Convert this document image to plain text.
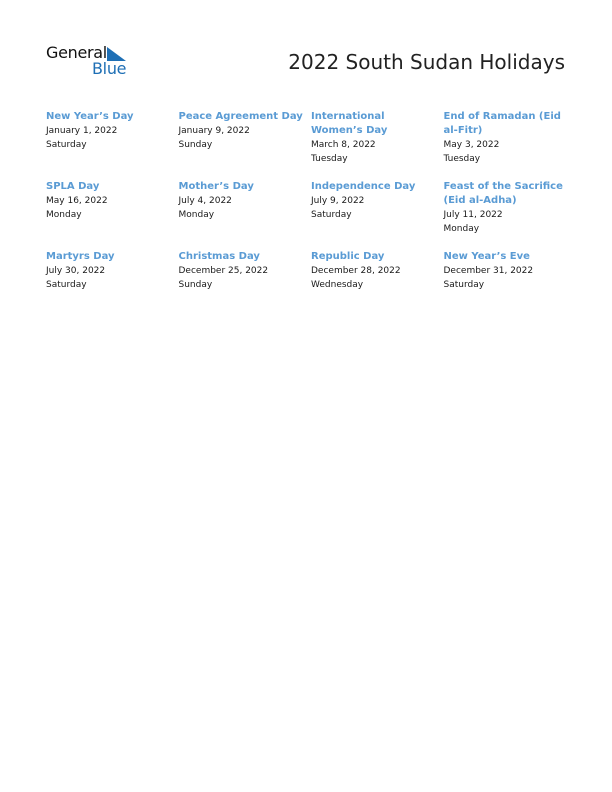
General
Blue	2022 South Sudan Holidays
New Year’s Day
January 1, 2022
Saturday
Peace Agreement Day
January 9, 2022
Sunday
International Women’s Day
March 8, 2022
Tuesday
End of Ramadan (Eid al-Fitr)
May 3, 2022
Tuesday
SPLA Day
May 16, 2022
Monday
Mother’s Day
July 4, 2022
Monday
Independence Day
July 9, 2022
Saturday
Feast of the Sacrifice (Eid al-Adha)
July 11, 2022
Monday
Martyrs Day
July 30, 2022
Saturday
Christmas Day
December 25, 2022
Sunday
Republic Day
December 28, 2022
Wednesday
New Year’s Eve
December 31, 2022
Saturday
